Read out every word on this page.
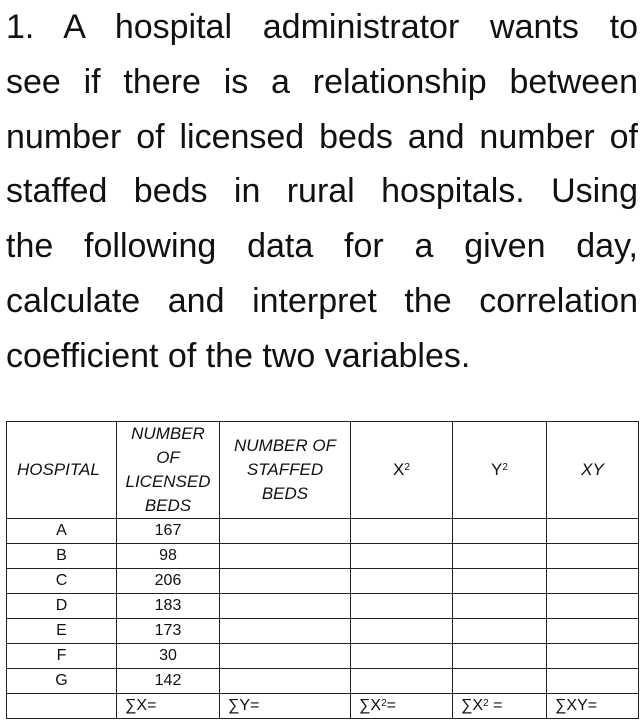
1. A hospital administrator wants to
see if there is a relationship between
number of licensed beds and number of
staffed beds in rural hospitals. Using
the following data for a given day,
calculate and interpret the correlation
coefficient of the two variables.
HOSPITAL	NUMBER
OF
LICENSED
BEDS	NUMBER OF
STAFFED
BEDS	$X^2$	$Y^2$	XY
A	167				
B	98				
C	206				
D	183				
E	173				
F	30				
G	142				
	∑X=	∑Y=	$\sum X^2=$	$\sum X^2$ =	∑XY=
